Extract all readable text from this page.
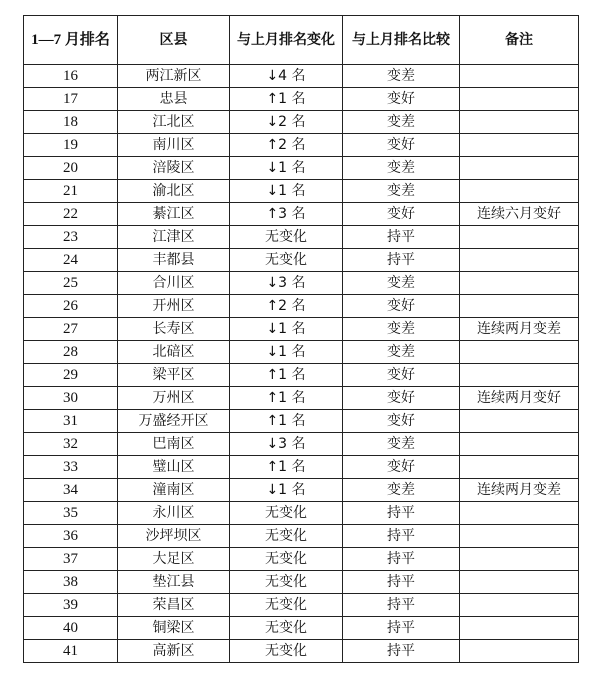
1—7 月排名	区县	与上月排名变化	与上月排名比较	备注
16	两江新区	↓4 名	变差	
17	忠县	↑1 名	变好	
18	江北区	↓2 名	变差	
19	南川区	↑2 名	变好	
20	涪陵区	↓1 名	变差	
21	渝北区	↓1 名	变差	
22	綦江区	↑3 名	变好	连续六月变好
23	江津区	无变化	持平	
24	丰都县	无变化	持平	
25	合川区	↓3 名	变差	
26	开州区	↑2 名	变好	
27	长寿区	↓1 名	变差	连续两月变差
28	北碚区	↓1 名	变差	
29	梁平区	↑1 名	变好	
30	万州区	↑1 名	变好	连续两月变好
31	万盛经开区	↑1 名	变好	
32	巴南区	↓3 名	变差	
33	璧山区	↑1 名	变好	
34	潼南区	↓1 名	变差	连续两月变差
35	永川区	无变化	持平	
36	沙坪坝区	无变化	持平	
37	大足区	无变化	持平	
38	垫江县	无变化	持平	
39	荣昌区	无变化	持平	
40	铜梁区	无变化	持平	
41	高新区	无变化	持平	
